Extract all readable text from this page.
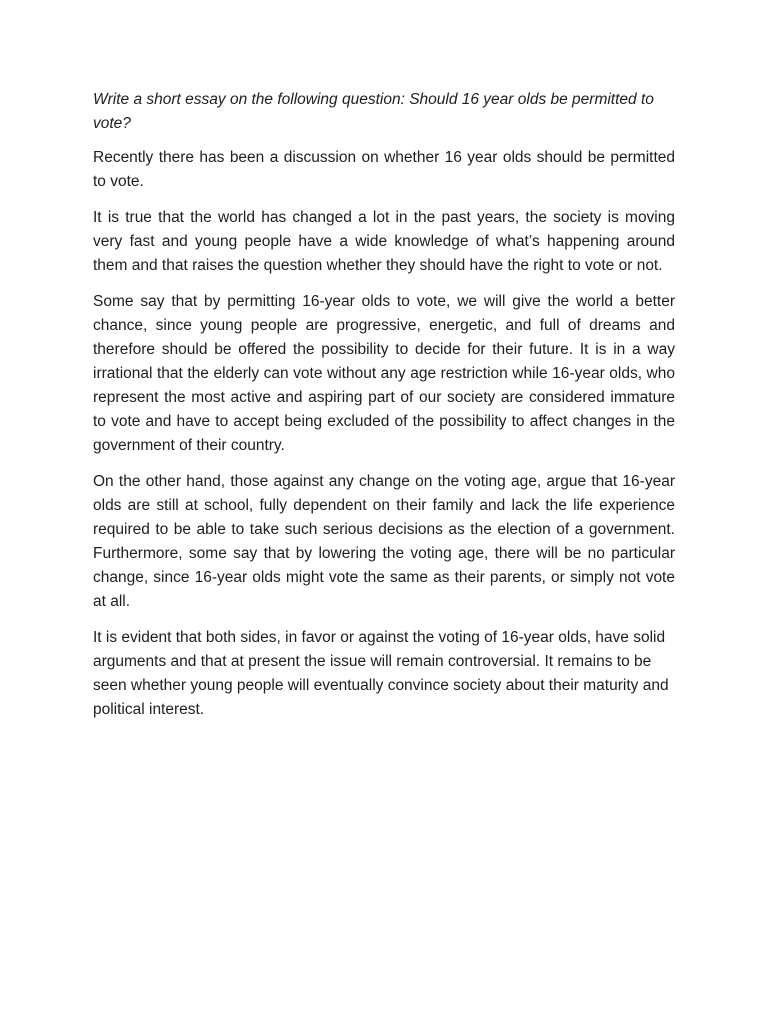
Write a short essay on the following question: Should 16 year olds be permitted to vote?

Recently there has been a discussion on whether 16 year olds should be permitted to vote.

It is true that the world has changed a lot in the past years, the society is moving very fast and young people have a wide knowledge of what’s happening around them and that raises the question whether they should have the right to vote or not.

Some say that by permitting 16-year olds to vote, we will give the world a better chance, since young people are progressive, energetic, and full of dreams and therefore should be offered the possibility to decide for their future. It is in a way irrational that the elderly can vote without any age restriction while 16-year olds, who represent the most active and aspiring part of our society are considered immature to vote and have to accept being excluded of the possibility to affect changes in the government of their country.

On the other hand, those against any change on the voting age, argue that 16-year olds are still at school, fully dependent on their family and lack the life experience required to be able to take such serious decisions as the election of a government. Furthermore, some say that by lowering the voting age, there will be no particular change, since 16-year olds might vote the same as their parents, or simply not vote at all.

It is evident that both sides, in favor or against the voting of 16-year olds, have solid arguments and that at present the issue will remain controversial. It remains to be seen whether young people will eventually convince society about their maturity and political interest.
